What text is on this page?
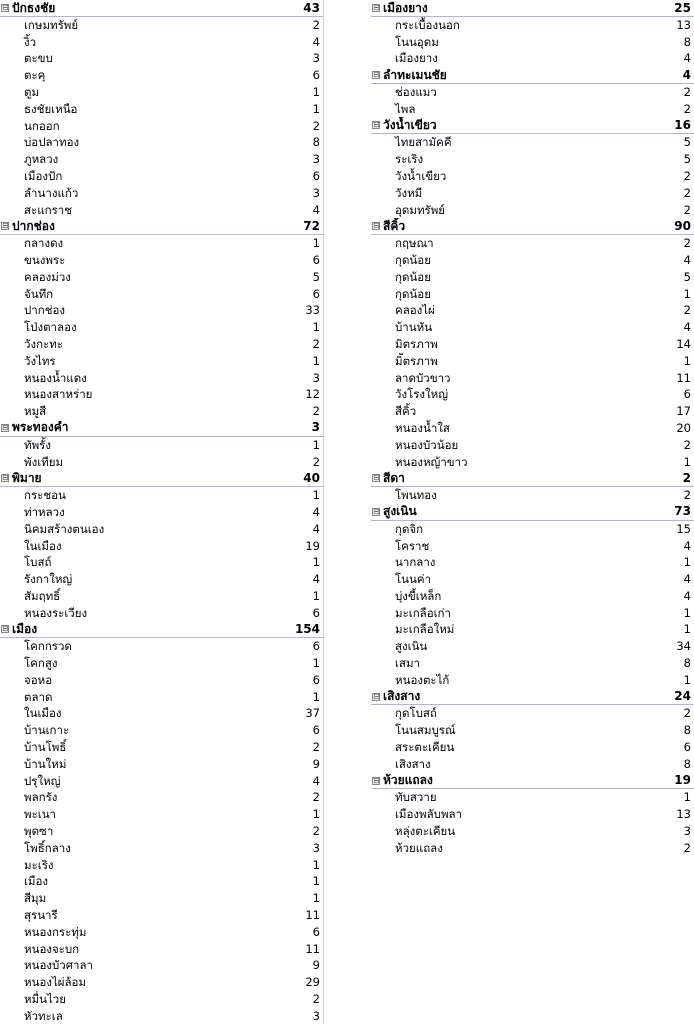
⊟ ปักธงชัย	43
เกษมทรัพย์	2
งิ้ว	4
ตะขบ	3
ตะคุ	6
ตูม	1
ธงชัยเหนือ	1
นกออก	2
บ่อปลาทอง	8
ภูหลวง	3
เมืองปัก	6
ลำนางแก้ว	3
สะแกราช	4
⊟ ปากช่อง	72
กลางดง	1
ขนงพระ	6
คลองม่วง	5
จันทึก	6
ปากช่อง	33
โป่งตาลอง	1
วังกะทะ	2
วังไทร	1
หนองน้ำแดง	3
หนองสาหร่าย	12
หมูสี	2
⊟ พระทองคำ	3
ทัพรั้ง	1
พังเทียม	2
⊟ พิมาย	40
กระชอน	1
ท่าหลวง	4
นิคมสร้างตนเอง	4
ในเมือง	19
โบสถ์	1
รังกาใหญ่	4
สัมฤทธิ์	1
หนองระเวียง	6
⊟ เมือง	154
โคกกรวด	6
โคกสูง	1
จอหอ	6
ตลาด	1
ในเมือง	37
บ้านเกาะ	6
บ้านโพธิ์	2
บ้านใหม่	9
ปรุใหญ่	4
พลกรัง	2
พะเนา	1
พุดซา	2
โพธิ์กลาง	3
มะเริง	1
เมือง	1
สีมุม	1
สุรนารี	11
หนองกระทุ่ม	6
หนองจะบก	11
หนองบัวศาลา	9
หนองไผ่ล้อม	29
หมื่นไวย	2
หัวทะเล	3
⊟ เมืองยาง	25
กระเบื้องนอก	13
โนนอุดม	8
เมืองยาง	4
⊟ ลำทะเมนชัย	4
ช่องแมว	2
ไพล	2
⊟ วังน้ำเขียว	16
ไทยสามัคคี	5
ระเริง	5
วังน้ำเขียว	2
วังหมี	2
อุดมทรัพย์	2
⊟ สีคิ้ว	90
กฤษณา	2
กุดน้อย	4
กุดน้อย	5
กุดน้อย	1
คลองไผ่	2
บ้านหัน	4
มิตรภาพ	14
มิ็ตรภาพ	1
ลาดบัวขาว	11
วังโรงใหญ่	6
สีคิ้ว	17
หนองน้ำใส	20
หนองบัวน้อย	2
หนองหญ้าขาว	1
⊟ สีดา	2
โพนทอง	2
⊟ สูงเนิน	73
กุดจิก	15
โคราช	4
นากลาง	1
โนนค่า	4
บุ่งขี้เหล็ก	4
มะเกลือเก่า	1
มะเกลือใหม่	1
สูงเนิน	34
เสมา	8
หนองตะไก้	1
⊟ เสิงสาง	24
กุดโบสถ์	2
โนนสมบูรณ์	8
สระตะเคียน	6
เสิงสาง	8
⊟ ห้วยแถลง	19
ทับสวาย	1
เมืองพลับพลา	13
หลุ่งตะเคียน	3
ห้วยแถลง	2
